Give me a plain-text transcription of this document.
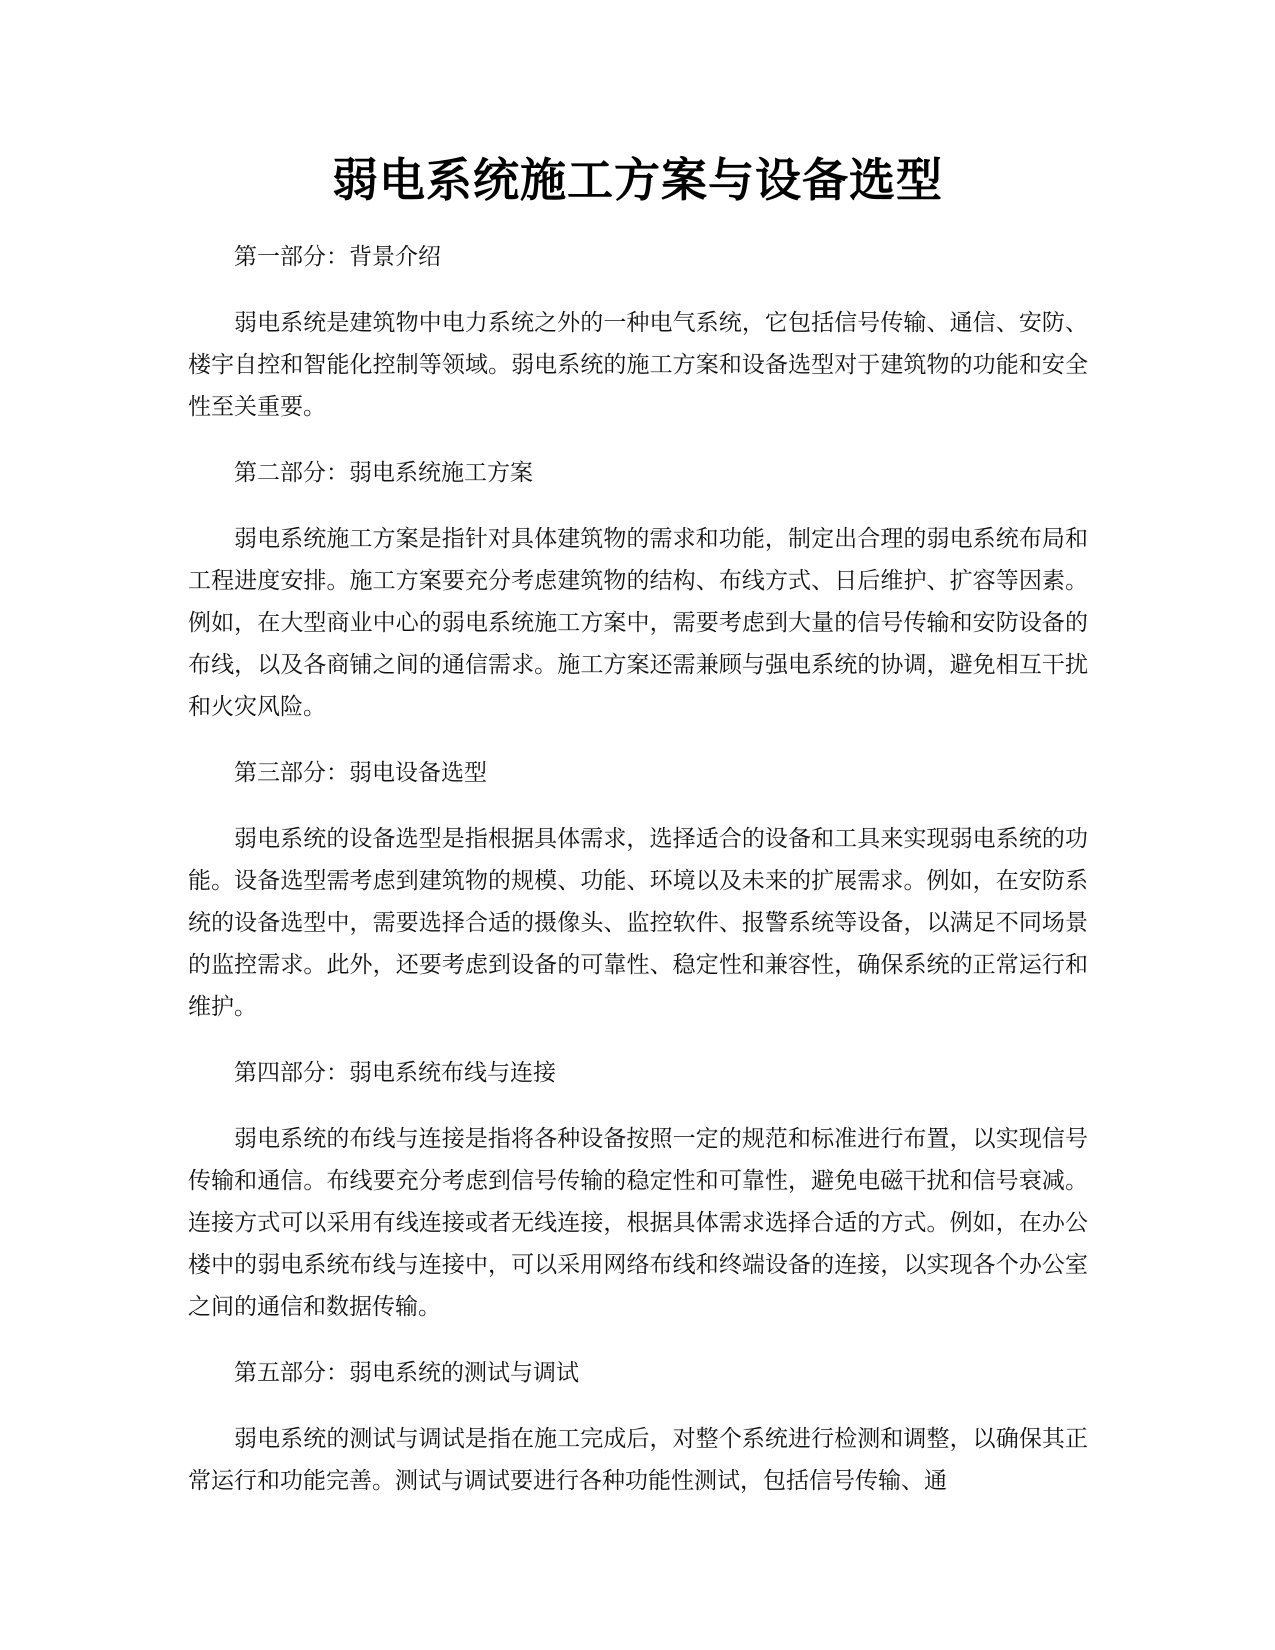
弱电系统施工方案与设备选型

第一部分：背景介绍

弱电系统是建筑物中电力系统之外的一种电气系统，它包括信号传输、通信、安防、楼宇自控和智能化控制等领域。弱电系统的施工方案和设备选型对于建筑物的功能和安全性至关重要。

第二部分：弱电系统施工方案

弱电系统施工方案是指针对具体建筑物的需求和功能，制定出合理的弱电系统布局和工程进度安排。施工方案要充分考虑建筑物的结构、布线方式、日后维护、扩容等因素。例如，在大型商业中心的弱电系统施工方案中，需要考虑到大量的信号传输和安防设备的布线，以及各商铺之间的通信需求。施工方案还需兼顾与强电系统的协调，避免相互干扰和火灾风险。

第三部分：弱电设备选型

弱电系统的设备选型是指根据具体需求，选择适合的设备和工具来实现弱电系统的功能。设备选型需考虑到建筑物的规模、功能、环境以及未来的扩展需求。例如，在安防系统的设备选型中，需要选择合适的摄像头、监控软件、报警系统等设备，以满足不同场景的监控需求。此外，还要考虑到设备的可靠性、稳定性和兼容性，确保系统的正常运行和维护。

第四部分：弱电系统布线与连接

弱电系统的布线与连接是指将各种设备按照一定的规范和标准进行布置，以实现信号传输和通信。布线要充分考虑到信号传输的稳定性和可靠性，避免电磁干扰和信号衰减。连接方式可以采用有线连接或者无线连接，根据具体需求选择合适的方式。例如，在办公楼中的弱电系统布线与连接中，可以采用网络布线和终端设备的连接，以实现各个办公室之间的通信和数据传输。

第五部分：弱电系统的测试与调试

弱电系统的测试与调试是指在施工完成后，对整个系统进行检测和调整，以确保其正常运行和功能完善。测试与调试要进行各种功能性测试，包括信号传输、通
